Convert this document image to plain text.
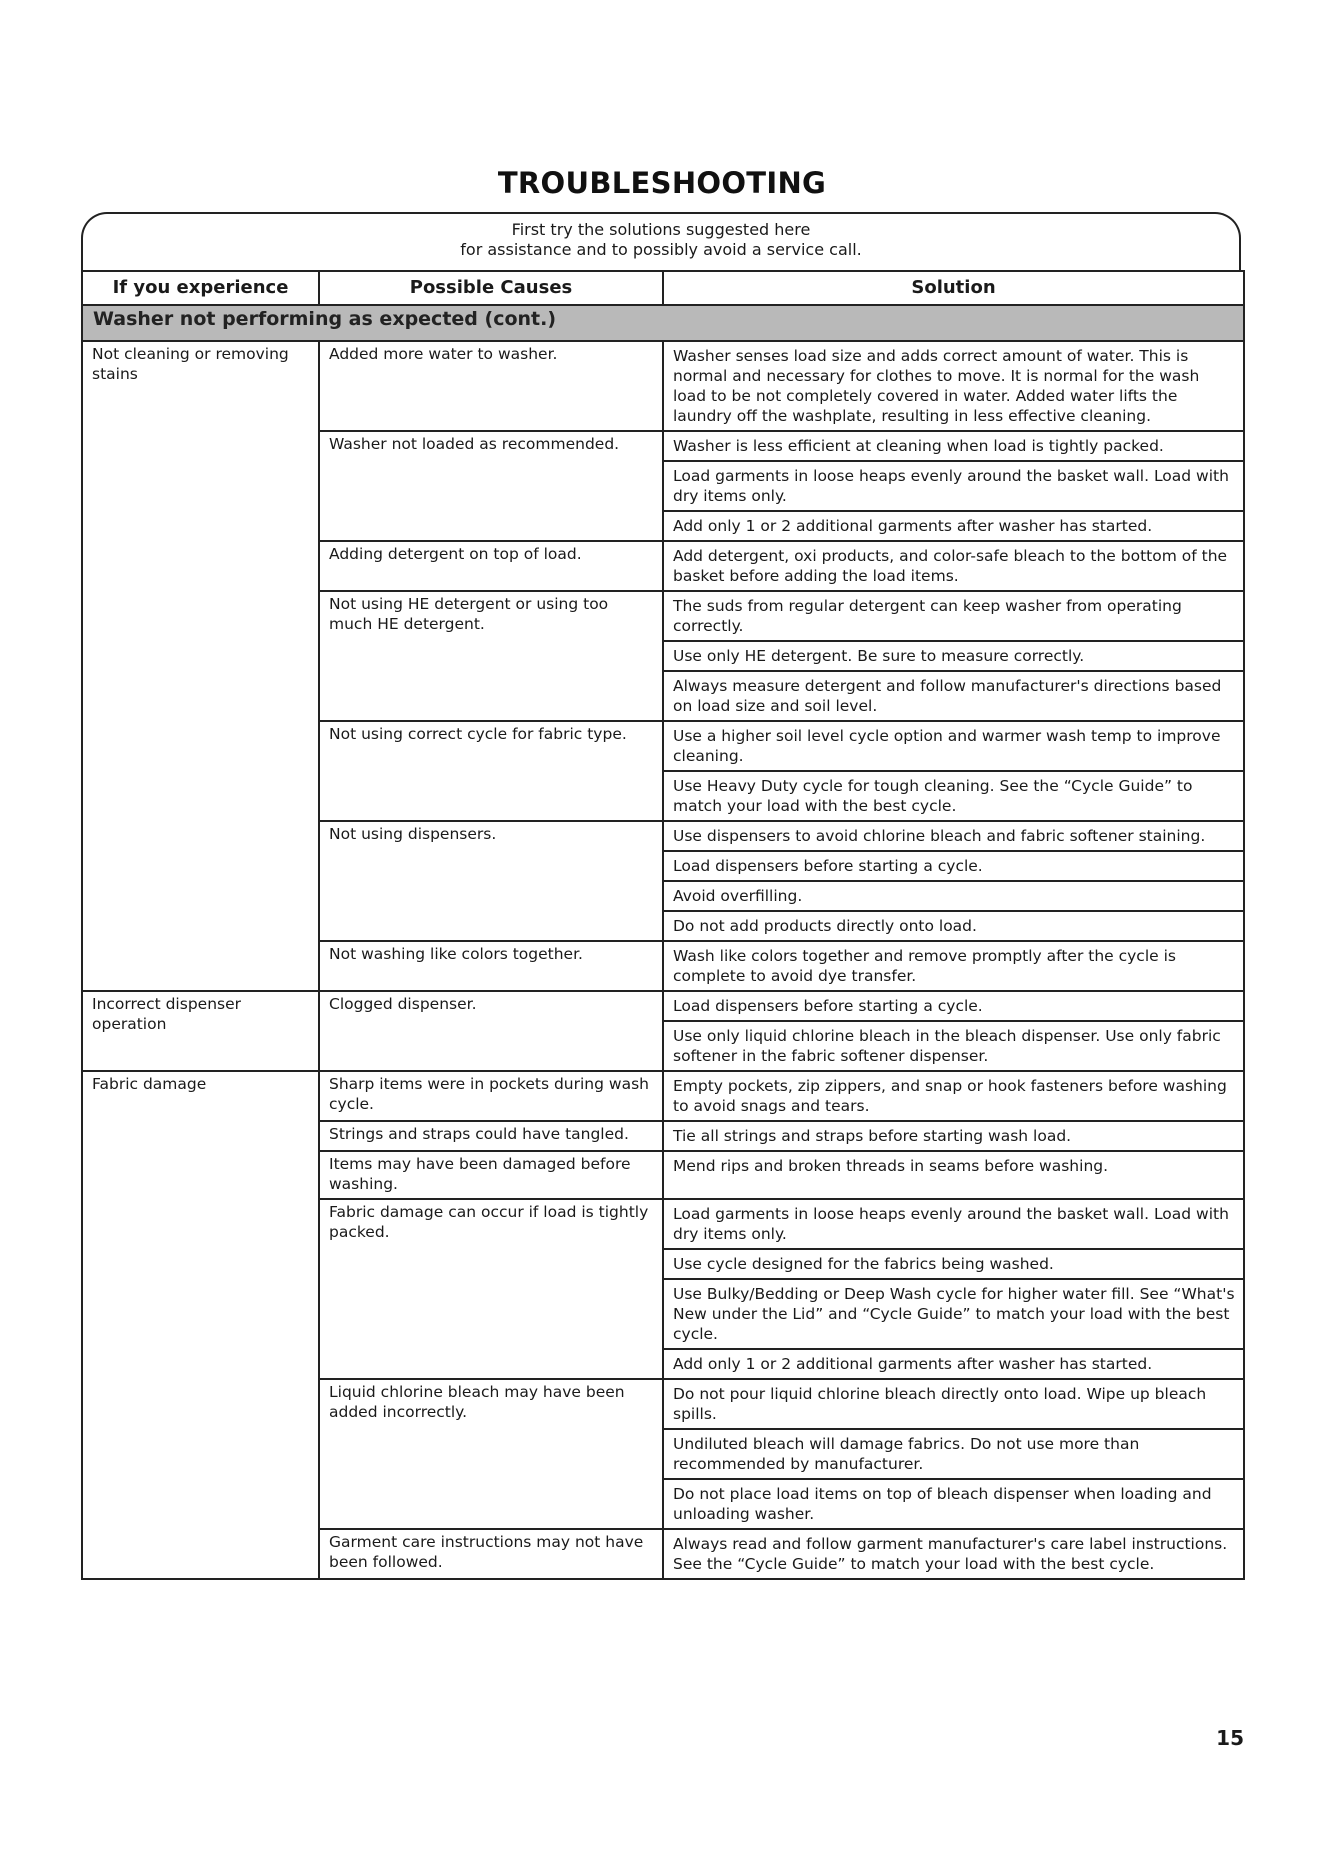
TROUBLESHOOTING
First try the solutions suggested here
for assistance and to possibly avoid a service call.
If you experience	Possible Causes	Solution
Washer not performing as expected (cont.)		
Not cleaning or removing stains	Added more water to washer.	Washer senses load size and adds correct amount of water. This is normal and necessary for clothes to move. It is normal for the wash load to be not completely covered in water. Added water lifts the laundry off the washplate, resulting in less effective cleaning.
	Washer not loaded as recommended.	Washer is less efficient at cleaning when load is tightly packed.
		Load garments in loose heaps evenly around the basket wall. Load with dry items only.
		Add only 1 or 2 additional garments after washer has started.
	Adding detergent on top of load.	Add detergent, oxi products, and color-safe bleach to the bottom of the basket before adding the load items.
	Not using HE detergent or using too much HE detergent.	The suds from regular detergent can keep washer from operating correctly.
		Use only HE detergent. Be sure to measure correctly.
		Always measure detergent and follow manufacturer's directions based on load size and soil level.
	Not using correct cycle for fabric type.	Use a higher soil level cycle option and warmer wash temp to improve cleaning.
		Use Heavy Duty cycle for tough cleaning. See the “Cycle Guide” to match your load with the best cycle.
	Not using dispensers.	Use dispensers to avoid chlorine bleach and fabric softener staining.
		Load dispensers before starting a cycle.
		Avoid overfilling.
		Do not add products directly onto load.
	Not washing like colors together.	Wash like colors together and remove promptly after the cycle is complete to avoid dye transfer.
Incorrect dispenser operation	Clogged dispenser.	Load dispensers before starting a cycle.
		Use only liquid chlorine bleach in the bleach dispenser. Use only fabric softener in the fabric softener dispenser.
Fabric damage	Sharp items were in pockets during wash cycle.	Empty pockets, zip zippers, and snap or hook fasteners before washing to avoid snags and tears.
	Strings and straps could have tangled.	Tie all strings and straps before starting wash load.
	Items may have been damaged before washing.	Mend rips and broken threads in seams before washing.
	Fabric damage can occur if load is tightly packed.	Load garments in loose heaps evenly around the basket wall. Load with dry items only.
		Use cycle designed for the fabrics being washed.
		Use Bulky/Bedding or Deep Wash cycle for higher water fill. See “What's New under the Lid” and “Cycle Guide” to match your load with the best cycle.
		Add only 1 or 2 additional garments after washer has started.
	Liquid chlorine bleach may have been added incorrectly.	Do not pour liquid chlorine bleach directly onto load. Wipe up bleach spills.
		Undiluted bleach will damage fabrics. Do not use more than recommended by manufacturer.
		Do not place load items on top of bleach dispenser when loading and unloading washer.
	Garment care instructions may not have been followed.	Always read and follow garment manufacturer's care label instructions. See the “Cycle Guide” to match your load with the best cycle.
15
